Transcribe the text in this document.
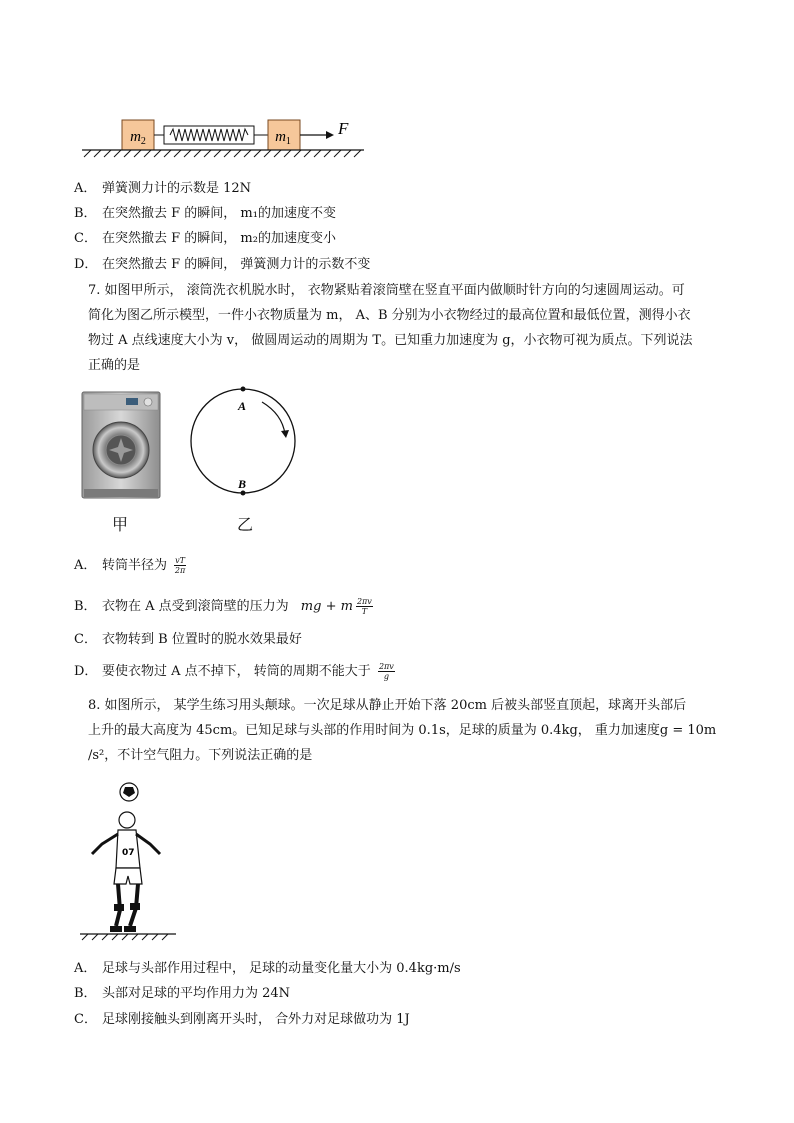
$m_2$	$m_1$
F
A． 弹簧测力计的示数是 12N
B． 在突然撤去 F 的瞬间， m₁的加速度不变
C． 在突然撤去 F 的瞬间， m₂的加速度变小
D． 在突然撤去 F 的瞬间， 弹簧测力计的示数不变
7. 如图甲所示， 滚筒洗衣机脱水时， 衣物紧贴着滚筒壁在竖直平面内做顺时针方向的匀速圆周运动。可
简化为图乙所示模型，一件小衣物质量为 m， A、B 分别为小衣物经过的最高位置和最低位置，测得小衣
物过 A 点线速度大小为 v， 做圆周运动的周期为 T。已知重力加速度为 g，小衣物可视为质点。下列说法
正确的是
甲
A
B
乙
A． 转筒半径为 $\frac{vT}{2\pi}$
B． 衣物在 A 点受到滚筒壁的压力为 mg + m $\frac{2\pi v}{T}$
C． 衣物转到 B 位置时的脱水效果最好
D． 要使衣物过 A 点不掉下， 转筒的周期不能大于 $\frac{2\pi v}{g}$
8. 如图所示， 某学生练习用头颠球。一次足球从静止开始下落 20cm 后被头部竖直顶起，球离开头部后
上升的最大高度为 45cm。已知足球与头部的作用时间为 0.1s，足球的质量为 0.4kg， 重力加速度g = 10m
/s²，不计空气阻力。下列说法正确的是
07
A． 足球与头部作用过程中， 足球的动量变化量大小为 0.4kg·m/s
B． 头部对足球的平均作用力为 24N
C． 足球刚接触头到刚离开头时， 合外力对足球做功为 1J
